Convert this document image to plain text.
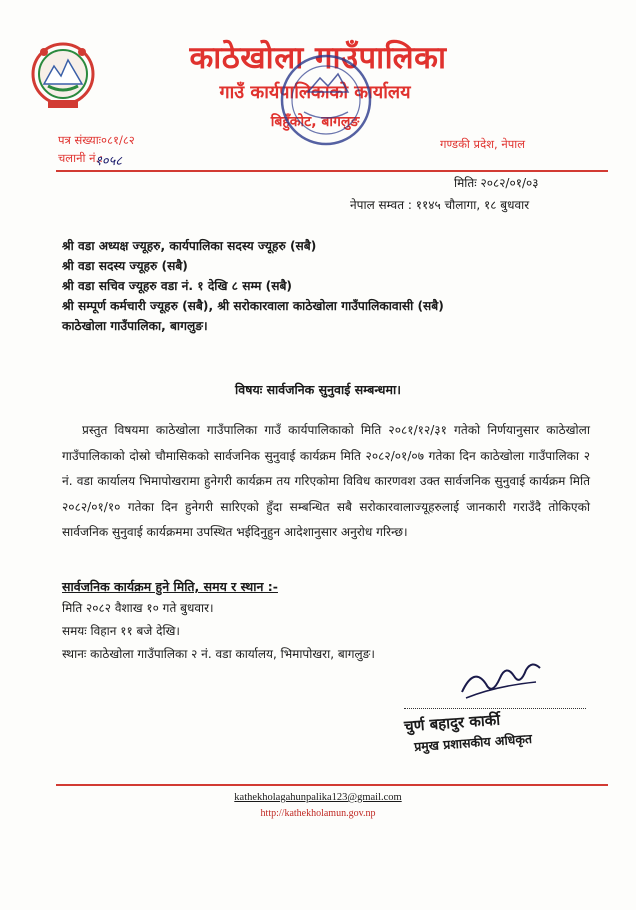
काठेखोला गाउँपालिका
गाउँ कार्यपालिकाको कार्यालय
बिहुँकोट, बागलुङ
पत्र संख्याः०८१/८२
चलानी नं.:
१०५८
गण्डकी प्रदेश, नेपाल
मितिः २०८२/०१/०३
नेपाल सम्वत : ११४५ चौलागा, १८ बुधवार
श्री वडा अध्यक्ष ज्यूहरु, कार्यपालिका सदस्य ज्यूहरु (सबै)
श्री वडा सदस्य ज्यूहरु (सबै)
श्री वडा सचिव ज्यूहरु वडा नं. १ देखि ८ सम्म (सबै)
श्री सम्पूर्ण कर्मचारी ज्यूहरु (सबै), श्री सरोकारवाला काठेखोला गाउँपालिकावासी (सबै)
काठेखोला गाउँपालिका, बागलुङ।
विषयः सार्वजनिक सुनुवाई सम्बन्धमा।
प्रस्तुत विषयमा काठेखोला गाउँपालिका गाउँ कार्यपालिकाको मिति २०८१/१२/३१ गतेको निर्णयानुसार काठेखोला गाउँपालिकाको दोस्रो चौमासिकको सार्वजनिक सुनुवाई कार्यक्रम मिति २०८२/०१/०७ गतेका दिन काठेखोला गाउँपालिका २ नं. वडा कार्यालय भिमापोखरामा हुनेगरी कार्यक्रम तय गरिएकोमा विविध कारणवश उक्त सार्वजनिक सुनुवाई कार्यक्रम मिति २०८२/०१/१० गतेका दिन हुनेगरी सारिएको हुँदा सम्बन्धित सबै सरोकारवालाज्यूहरुलाई जानकारी गराउँदै तोकिएको सार्वजनिक सुनुवाई कार्यक्रममा उपस्थित भईदिनुहुन आदेशानुसार अनुरोध गरिन्छ।
सार्वजनिक कार्यक्रम हुने मिति, समय र स्थान :-
मिति २०८२ वैशाख १० गते बुधवार।
समयः विहान ११ बजे देखि।
स्थानः काठेखोला गाउँपालिका २ नं. वडा कार्यालय, भिमापोखरा, बागलुङ।
चुर्ण बहादुर कार्की
प्रमुख प्रशासकीय अधिकृत
kathekholagahunpalika123@gmail.com
http://kathekholamun.gov.np
